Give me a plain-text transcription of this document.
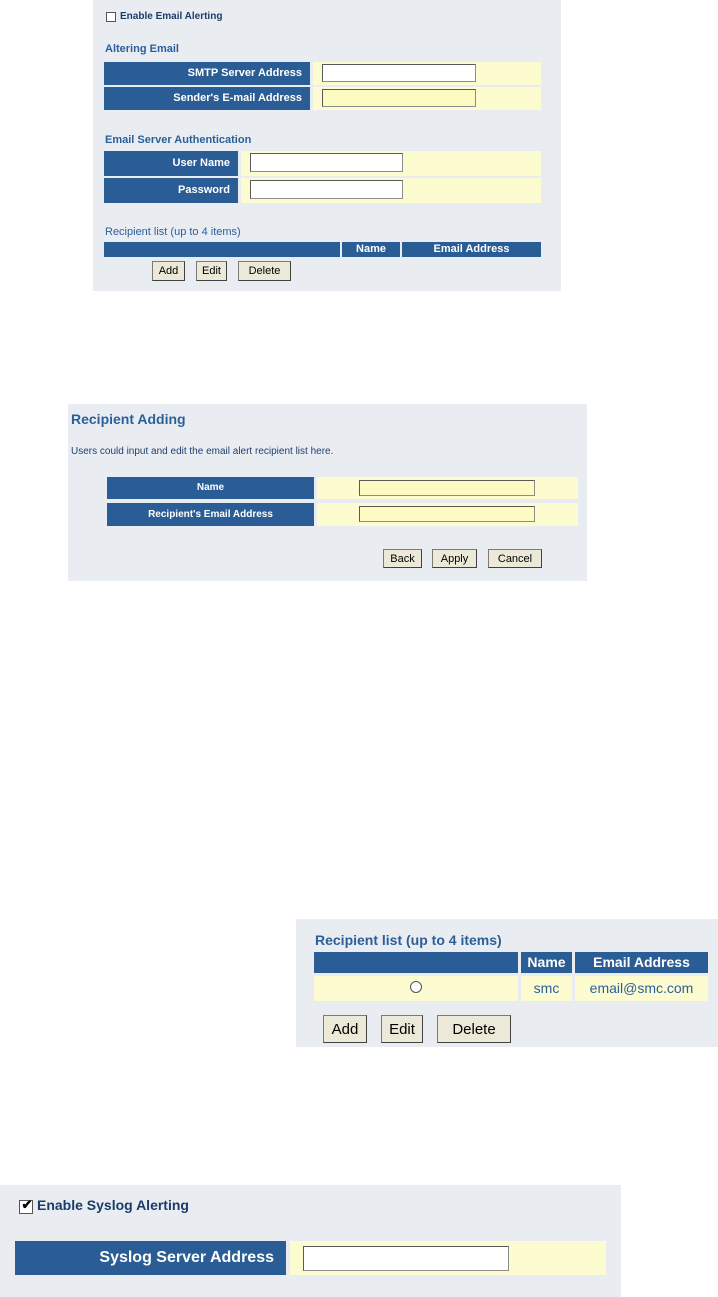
Enable Email Alerting
Altering Email
SMTP Server Address
Sender's E-mail Address
Email Server Authentication
User Name
Password
Recipient list (up to 4 items)
Name	Email Address
Add	Edit	Delete
Recipient Adding
Users could input and edit the email alert recipient list here.
Name
Recipient's Email Address
Back	Apply	Cancel
Recipient list (up to 4 items)
Name	Email Address
smc	email@smc.com
Add	Edit	Delete
✔ Enable Syslog Alerting
Syslog Server Address
